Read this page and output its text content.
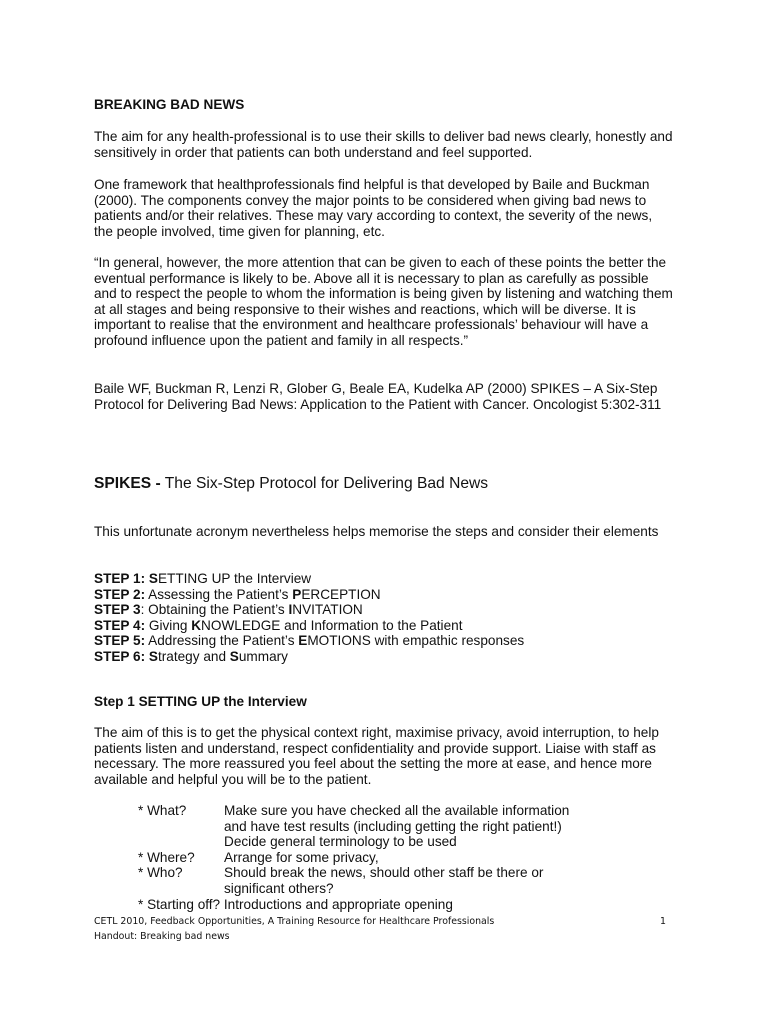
BREAKING BAD NEWS

The aim for any health-professional is to use their skills to deliver bad news clearly, honestly and sensitively in order that patients can both understand and feel supported.

One framework that healthprofessionals find helpful is that developed by Baile and Buckman (2000). The components convey the major points to be considered when giving bad news to patients and/or their relatives. These may vary according to context, the severity of the news, the people involved, time given for planning, etc.

“In general, however, the more attention that can be given to each of these points the better the eventual performance is likely to be. Above all it is necessary to plan as carefully as possible and to respect the people to whom the information is being given by listening and watching them at all stages and being responsive to their wishes and reactions, which will be diverse. It is important to realise that the environment and healthcare professionals’ behaviour will have a profound influence upon the patient and family in all respects.”

Baile WF, Buckman R, Lenzi R, Glober G, Beale EA, Kudelka AP (2000) SPIKES – A Six-Step Protocol for Delivering Bad News: Application to the Patient with Cancer. Oncologist 5:302-311

SPIKES - The Six-Step Protocol for Delivering Bad News

This unfortunate acronym nevertheless helps memorise the steps and consider their elements

STEP 1: SETTING UP the Interview
STEP 2: Assessing the Patient’s PERCEPTION
STEP 3: Obtaining the Patient’s INVITATION
STEP 4: Giving KNOWLEDGE and Information to the Patient
STEP 5: Addressing the Patient’s EMOTIONS with empathic responses
STEP 6: Strategy and Summary

Step 1 SETTING UP the Interview

The aim of this is to get the physical context right, maximise privacy, avoid interruption, to help patients listen and understand, respect confidentiality and provide support. Liaise with staff as necessary. The more reassured you feel about the setting the more at ease, and hence more available and helpful you will be to the patient.

* What?	Make sure you have checked all the available information
and have test results (including getting the right patient!)
Decide general terminology to be used
* Where?	Arrange for some privacy,
* Who?	Should break the news, should other staff be there or
significant others?
* Starting off? Introductions and appropriate opening
CETL 2010, Feedback Opportunities, A Training Resource for Healthcare Professionals	1
Handout: Breaking bad news
